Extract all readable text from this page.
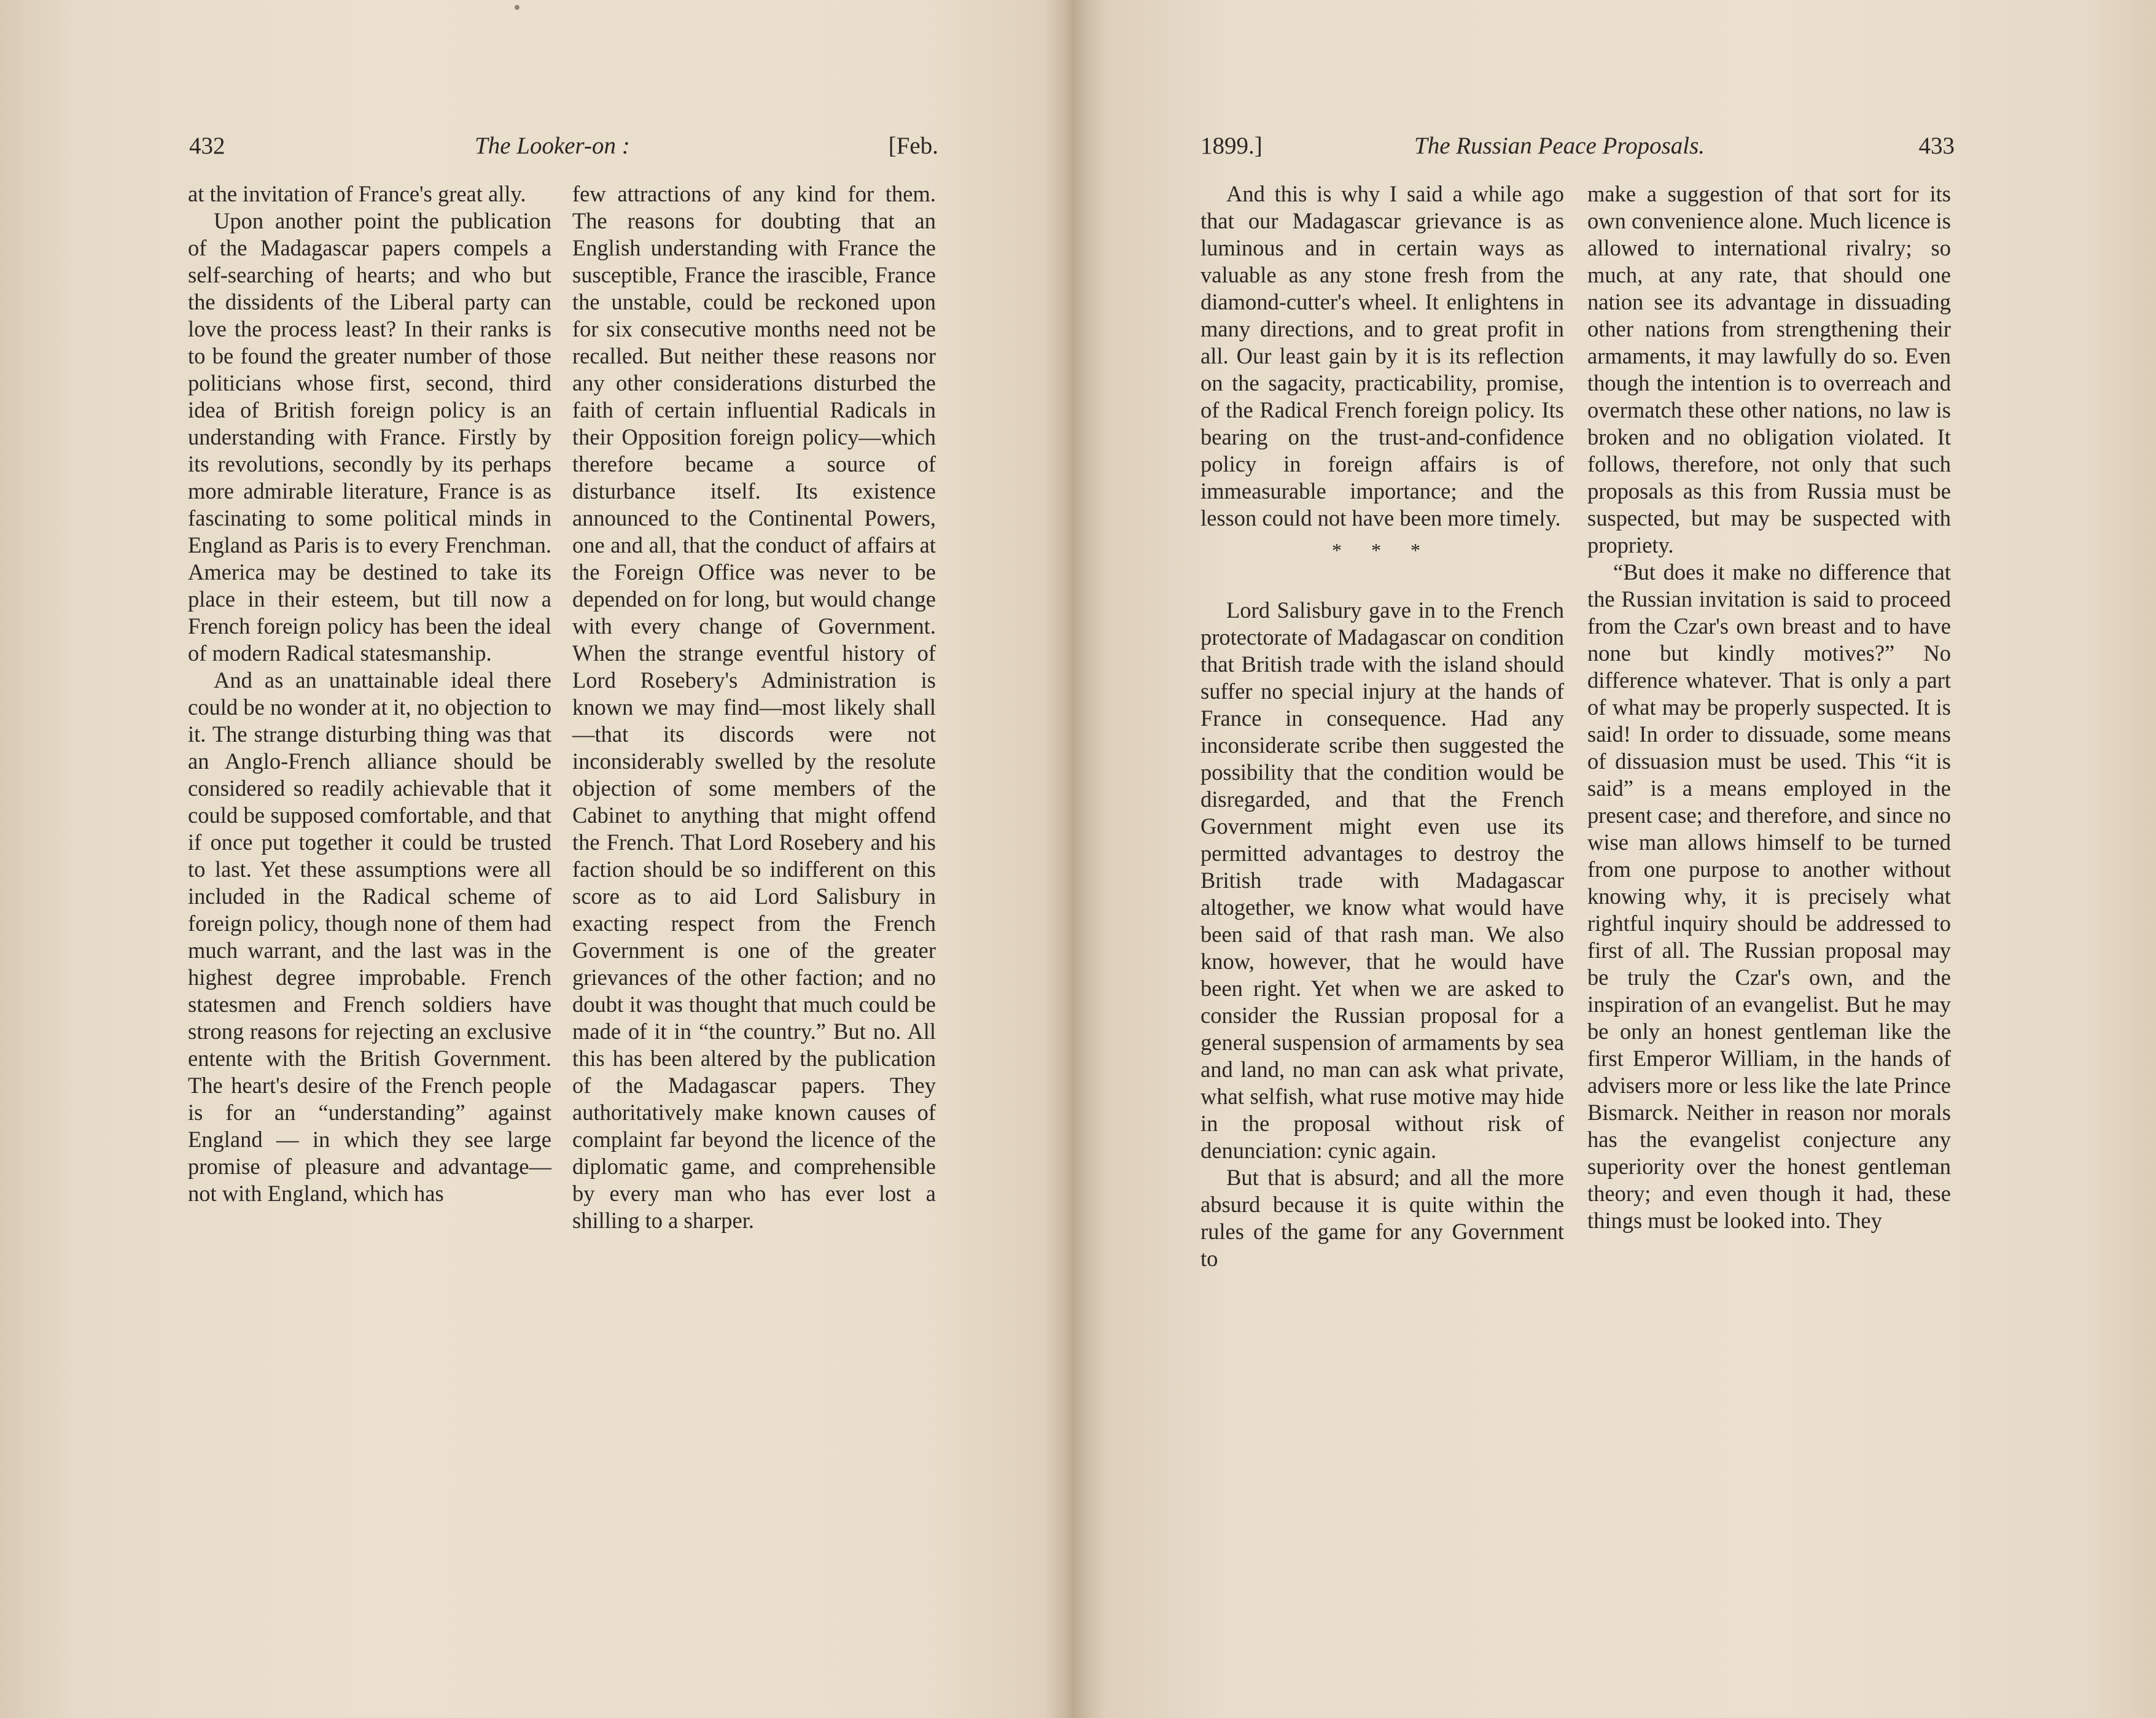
432	The Looker-on :	[Feb.

at the invitation of France's great ally.

Upon another point the publication of the Madagascar papers compels a self-searching of hearts; and who but the dissidents of the Liberal party can love the process least? In their ranks is to be found the greater number of those politicians whose first, second, third idea of British foreign policy is an understanding with France. Firstly by its revolutions, secondly by its perhaps more admirable literature, France is as fascinating to some political minds in England as Paris is to every Frenchman. America may be destined to take its place in their esteem, but till now a French foreign policy has been the ideal of modern Radical statesmanship.

And as an unattainable ideal there could be no wonder at it, no objection to it. The strange disturbing thing was that an Anglo-French alliance should be considered so readily achievable that it could be supposed comfortable, and that if once put together it could be trusted to last. Yet these assumptions were all included in the Radical scheme of foreign policy, though none of them had much warrant, and the last was in the highest degree improbable. French statesmen and French soldiers have strong reasons for rejecting an exclusive entente with the British Government. The heart's desire of the French people is for an “understanding” against England — in which they see large promise of pleasure and advantage— not with England, which has

few attractions of any kind for them. The reasons for doubting that an English understanding with France the susceptible, France the irascible, France the unstable, could be reckoned upon for six consecutive months need not be recalled. But neither these reasons nor any other considerations disturbed the faith of certain influential Radicals in their Opposition foreign policy—which therefore became a source of disturbance itself. Its existence announced to the Continental Powers, one and all, that the conduct of affairs at the Foreign Office was never to be depended on for long, but would change with every change of Government. When the strange eventful history of Lord Rosebery's Administration is known we may find—most likely shall—that its discords were not inconsiderably swelled by the resolute objection of some members of the Cabinet to anything that might offend the French. That Lord Rosebery and his faction should be so indifferent on this score as to aid Lord Salisbury in exacting respect from the French Government is one of the greater grievances of the other faction; and no doubt it was thought that much could be made of it in “the country.” But no. All this has been altered by the publication of the Madagascar papers. They authoritatively make known causes of complaint far beyond the licence of the diplomatic game, and comprehensible by every man who has ever lost a shilling to a sharper.

1899.]	The Russian Peace Proposals.	433

And this is why I said a while ago that our Madagascar grievance is as luminous and in certain ways as valuable as any stone fresh from the diamond-cutter's wheel. It enlightens in many directions, and to great profit in all. Our least gain by it is its reflection on the sagacity, practicability, promise, of the Radical French foreign policy. Its bearing on the trust-and-confidence policy in foreign affairs is of immeasurable importance; and the lesson could not have been more timely.

* * *

Lord Salisbury gave in to the French protectorate of Madagascar on condition that British trade with the island should suffer no special injury at the hands of France in consequence. Had any inconsiderate scribe then suggested the possibility that the condition would be disregarded, and that the French Government might even use its permitted advantages to destroy the British trade with Madagascar altogether, we know what would have been said of that rash man. We also know, however, that he would have been right. Yet when we are asked to consider the Russian proposal for a general suspension of armaments by sea and land, no man can ask what private, what selfish, what ruse motive may hide in the proposal without risk of denunciation: cynic again.

But that is absurd; and all the more absurd because it is quite within the rules of the game for any Government to

make a suggestion of that sort for its own convenience alone. Much licence is allowed to international rivalry; so much, at any rate, that should one nation see its advantage in dissuading other nations from strengthening their armaments, it may lawfully do so. Even though the intention is to overreach and overmatch these other nations, no law is broken and no obligation violated. It follows, therefore, not only that such proposals as this from Russia must be suspected, but may be suspected with propriety.

“But does it make no difference that the Russian invitation is said to proceed from the Czar's own breast and to have none but kindly motives?” No difference whatever. That is only a part of what may be properly suspected. It is said! In order to dissuade, some means of dissuasion must be used. This “it is said” is a means employed in the present case; and therefore, and since no wise man allows himself to be turned from one purpose to another without knowing why, it is precisely what rightful inquiry should be addressed to first of all. The Russian proposal may be truly the Czar's own, and the inspiration of an evangelist. But he may be only an honest gentleman like the first Emperor William, in the hands of advisers more or less like the late Prince Bismarck. Neither in reason nor morals has the evangelist conjecture any superiority over the honest gentleman theory; and even though it had, these things must be looked into. They
